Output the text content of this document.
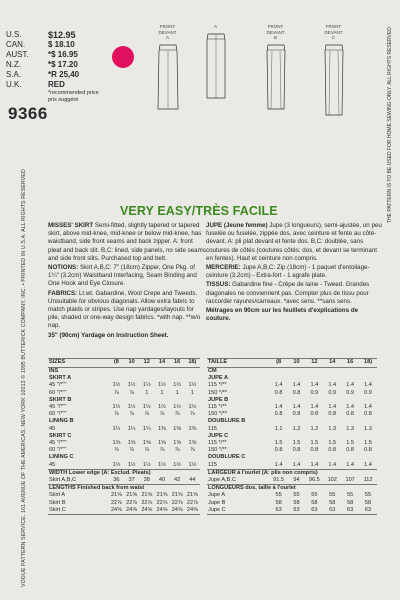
U.S.	$12.95
CAN.	$ 18.10
AUST.	*$ 16.95
N.Z.	*$ 17.20
S.A.	*R 25,40
U.K.	RED
*recommended price
prix suggéré
9366
FRONT
DEVANT
A
A	FRONT
DEVANT
B
FRONT
DEVANT
C
VOGUE PATTERN SERVICE, 161 AVENUE OF THE AMERICAS, NEW YORK 10013 © 1995 BUTTERICK COMPANY, INC. • PRINTED IN U.S.A. ALL RIGHTS RESERVED
THE PATTERN IS TO BE USED FOR HOME SEWING ONLY. ALL RIGHTS RESERVED
VERY EASY/TRÈS FACILE

MISSES' SKIRT Semi-fitted, slightly tapered or tapered skirt, above mid-knee, mid-knee or below mid-knee, has waistband, side front seams and back zipper. A: front pleat and back slit. B,C: lined, side panels, no side seams and side front slits. Purchased top and belt.

NOTIONS: Skirt A,B,C: 7" (18cm) Zipper, One Pkg. of 1¼" (3.2cm) Waistband Interfacing, Seam Binding and One Hook and Eye Closure.

FABRICS: Lt.wt. Gabardine, Wool Crepe and Tweeds. Unsuitable for obvious diagonals. Allow extra fabric to match plaids or stripes. Use nap yardages/layouts for pile, shaded or one-way design fabrics. *with nap. **w/o nap.

35" (90cm) Yardage on Instruction Sheet.

JUPE (Jeune femme) Jupe (3 longueurs), semi-ajustée, un peu fuselée ou fuselée, zippée dos, avec ceinture et fente au côté-devant. A: pli plat devant et fente dos. B,C: doublée, sans coutures de côtés (coutures côtés: dos, et devant se terminant en fentes). Haut et ceinture non compris.

MERCERIE: Jupe A,B,C: Zip (18cm) - 1 paquet d'entoilage-ceinture (3.2cm) - Extra-fort - 1 agrafe plate.

TISSUS: Gabardine fine - Crêpe de laine - Tweed. Grandes diagonales ne conviennent pas. Compter plus de tissu pour raccorder rayures/carreaux. *avec sens. **sans sens.

Métrages en 90cm sur les feuillets d'explications de couture.

SIZES	(8	10	12	14	16	18)
INS						
SKIRT A						
45 "/*""	1½	1½	1½	1½	1½	1½
60 "/*""	⅞	⅞	1	1	1	1
SKIRT B						
45 "/*""	1½	1½	1½	1½	1½	1½
60 "/*""	⅞	⅞	⅞	⅞	⅞	⅞
LINING B						
45	1¼	1¼	1¼	1⅜	1⅜	1⅜
SKIRT C						
45 "/*""	1⅝	1⅝	1⅝	1⅝	1⅝	1⅝
60 "/*""	⅞	⅞	⅞	⅞	⅞	⅞
LINING C						
45	1½	1½	1½	1½	1½	1½
WIDTH Lower edge (A: Exclud. Pleats)						
Skirt A,B,C	36	37	38	40	42	44
LENGTHS Finished back from waist						
Skirt A	21⅝	21⅝	21⅝	21⅝	21⅝	21⅝
Skirt B	22⅞	22⅞	22⅞	22⅞	22⅞	22⅞
Skirt C	24⅝	24⅝	24⅝	24⅝	24⅝	24⅝
TAILLE	(8	10	12	14	16	18)
CM						
JUPE A						
115 */**	1.4	1.4	1.4	1.4	1.4	1.4
150 */**	0.8	0.8	0.9	0.9	0.9	0.9
JUPE B						
115 */**	1.4	1.4	1.4	1.4	1.4	1.4
150 */**	0.8	0.8	0.8	0.8	0.8	0.8
DOUBLURE B						
115	1.1	1.2	1.2	1.3	1.3	1.3
JUPE C						
115 */**	1.5	1.5	1.5	1.5	1.5	1.5
150 */**	0.8	0.8	0.8	0.8	0.8	0.8
DOUBLURE C						
115	1.4	1.4	1.4	1.4	1.4	1.4
LARGEUR à l'ourlet (A: plis non compris)						
Jupe A,B,C	91.5	94	96.5	102	107	112
LONGUEURS dos, taille à l'ourlet						
Jupe A	55	55	55	55	55	55
Jupe B	58	58	58	58	58	58
Jupe C	63	63	63	63	63	63
